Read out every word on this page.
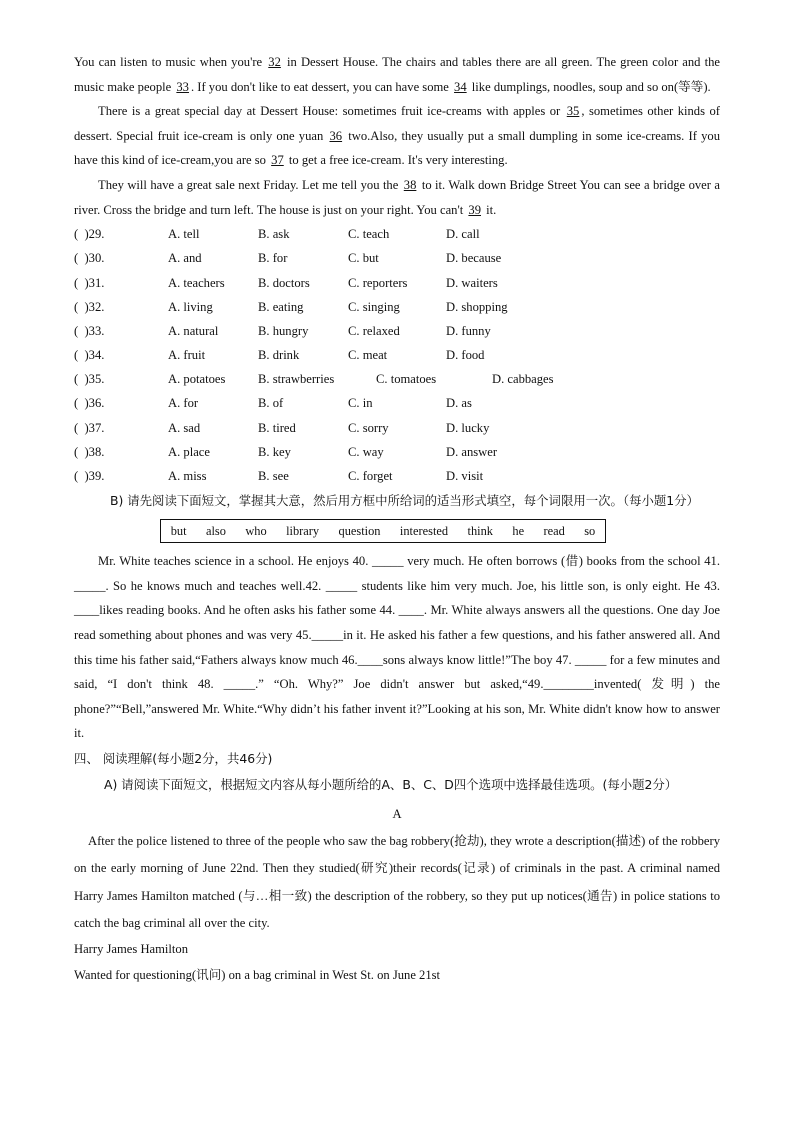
You can listen to music when you're 32 in Dessert House. The chairs and tables there are all green. The green color and the music make people 33 . If you don't like to eat dessert, you can have some 34 like dumplings, noodles, soup and so on(等等).

There is a great special day at Dessert House: sometimes fruit ice-creams with apples or 35 , sometimes other kinds of dessert. Special fruit ice-cream is only one yuan 36 two.Also, they usually put a small dumpling in some ice-creams. If you have this kind of ice-cream,you are so 37 to get a free ice-cream. It's very interesting.

They will have a great sale next Friday. Let me tell you the 38 to it. Walk down Bridge Street You can see a bridge over a river. Cross the bridge and turn left. The house is just on your right. You can't 39 it.

(  )29.	A. tell	B. ask	C. teach	D. call
(  )30.	A. and	B. for	C. but	D. because
(  )31.	A. teachers	B. doctors	C. reporters	D. waiters
(  )32.	A. living	B. eating	C. singing	D. shopping
(  )33.	A. natural	B. hungry	C. relaxed	D. funny
(  )34.	A. fruit	B. drink	C. meat	D. food
(  )35.	A. potatoes	B. strawberries	C. tomatoes	D. cabbages
(  )36.	A. for	B. of	C. in	D. as
(  )37.	A. sad	B. tired	C. sorry	D. lucky
(  )38.	A. place	B. key	C. way	D. answer
(  )39.	A. miss	B. see	C. forget	D. visit

B) 请先阅读下面短文，掌握其大意，然后用方框中所给词的适当形式填空，每个词限用一次。（每小题1分）

but also who library question interested think he read so

Mr. White teaches science in a school. He enjoys 40. _____ very much. He often borrows (借) books from the school 41. _____. So he knows much and teaches well.42. _____ students like him very much. Joe, his little son, is only eight. He 43. ____likes reading books. And he often asks his father some 44. ____. Mr. White always answers all the questions. One day Joe read something about phones and was very 45._____in it. He asked his father a few questions, and his father answered all. And this time his father said,“Fathers always know much 46.____sons always know little!”The boy 47. _____ for a few minutes and said, “I don't think 48. _____.” “Oh. Why?” Joe didn't answer but asked,“49.________invented( 发明) the phone?”“Bell,”answered Mr. White.“Why didn’t his father invent it?”Looking at his son, Mr. White didn't know how to answer it.

四、 阅读理解(每小题2分，共46分)

A) 请阅读下面短文，根据短文内容从每小题所给的A、B、C、D四个选项中选择最佳选项。(每小题2分）

A

After the police listened to three of the people who saw the bag robbery(抢劫), they wrote a description(描述) of the robbery on the early morning of June 22nd. Then they studied(研究)their records(记录) of criminals in the past. A criminal named Harry James Hamilton matched (与…相一致) the description of the robbery, so they put up notices(通告) in police stations to catch the bag criminal all over the city.

Harry James Hamilton

Wanted for questioning(讯问) on a bag criminal in West St. on June 21st
